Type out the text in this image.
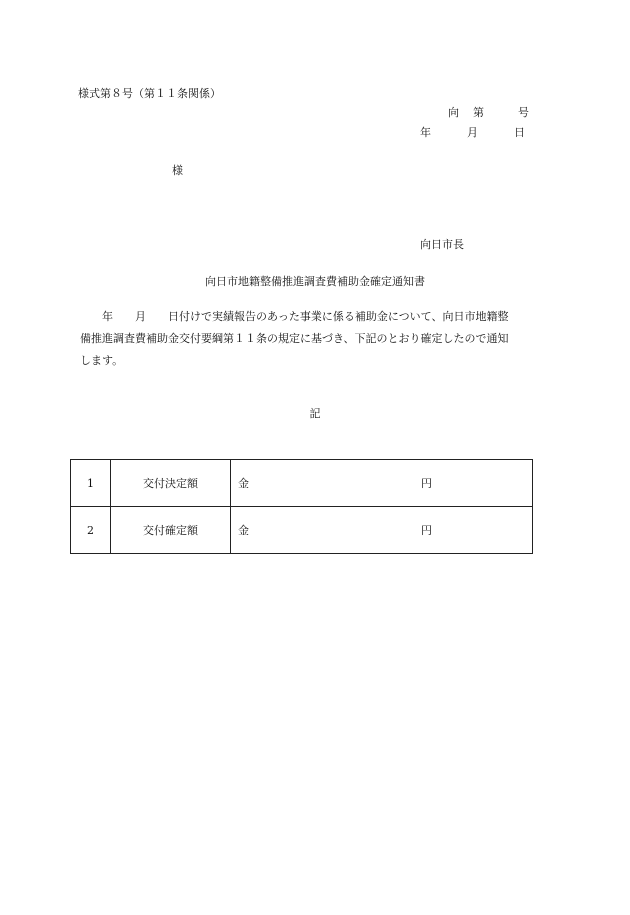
様式第８号（第１１条関係）
向 第	号
年	月	日
様
向日市長
向日市地籍整備推進調査費補助金確定通知書
　　年　　月　　日付けで実績報告のあった事業に係る補助金について、向日市地籍整
備推進調査費補助金交付要綱第１１条の規定に基づき、下記のとおり確定したので通知
します。
記
1	交付決定額	金 円

2	交付確定額	金 円
